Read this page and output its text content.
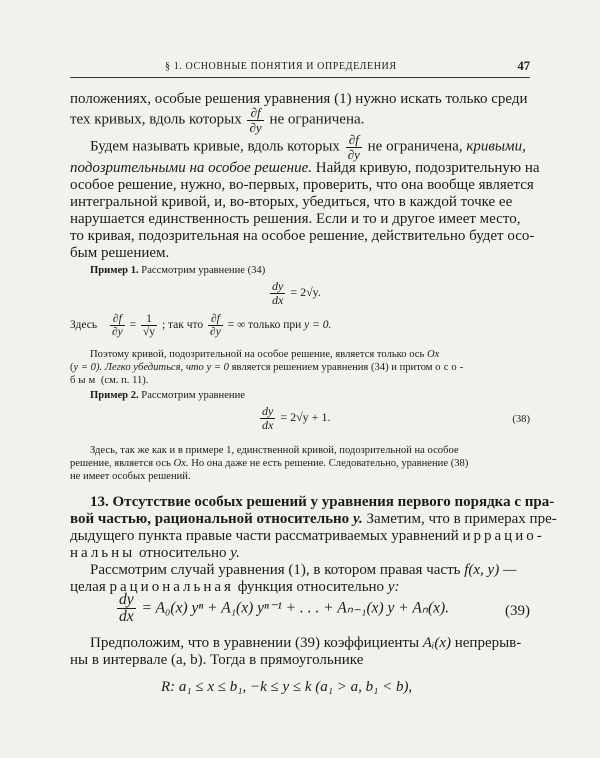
§ 1. ОСНОВНЫЕ ПОНЯТИЯ И ОПРЕДЕЛЕНИЯ	47
положениях, особые решения уравнения (1) нужно искать только среди
тех кривых, вдоль которых $\frac{\partial f}{\partial y}$ не ограничена.
Будем называть кривые, вдоль которых $\frac{\partial f}{\partial y}$ не ограничена, кривыми,
подозрительными на особое решение. Найдя кривую, подозрительную на
особое решение, нужно, во-первых, проверить, что она вообще является
интегральной кривой, и, во-вторых, убедиться, что в каждой точке ее
нарушается единственность решения. Если и то и другое имеет место,
то кривая, подозрительная на особое решение, действительно будет осо-
бым решением.
Пример 1. Рассмотрим уравнение (34)
$\frac{dy}{dx} = 2√y$.
Здесь $\frac{\partial f}{\partial y} = \frac{1}{√y}$ ; так что $\frac{\partial f}{\partial y}$ = ∞ только при y = 0.
Поэтому кривой, подозрительной на особое решение, является только ось Ox
(y = 0). Легко убедиться, что y = 0 является решением уравнения (34) и притом осо-
бым (см. п. 11).
Пример 2. Рассмотрим уравнение
$\frac{dy}{dx} = 2√y + 1$.	(38)
Здесь, так же как и в примере 1, единственной кривой, подозрительной на особое
решение, является ось Ox. Но она даже не есть решение. Следовательно, уравнение (38)
не имеет особых решений.
13. Отсутствие особых решений у уравнения первого порядка с пра-
вой частью, рациональной относительно y. Заметим, что в примерах пре-
дыдущего пункта правые части рассматриваемых уравнений иррацио-
нальны относительно y.
Рассмотрим случай уравнения (1), в котором правая часть f(x, y) —
целая рациональная функция относительно y:
$\frac{dy}{dx} = A_0(x) y^n + A_1(x) y^{n-1}$ + . . . + Aₙ₋₁(x) y + Aₙ(x).	(39)
Предположим, что в уравнении (39) коэффициенты Aᵢ(x) непрерыв-
ны в интервале (a, b). Тогда в прямоугольнике
R: a₁ ≤ x ≤ b₁, −k ≤ y ≤ k (a₁ > a, b₁ < b),
